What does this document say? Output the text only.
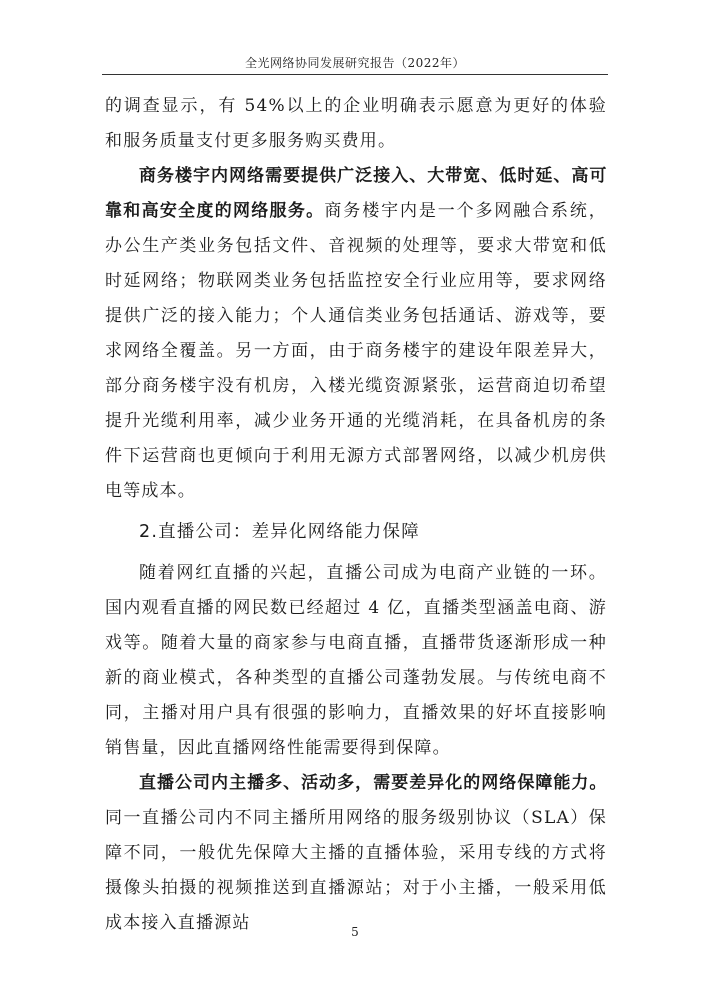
全光网络协同发展研究报告（2022年）

的调查显示，有 54%以上的企业明确表示愿意为更好的体验和服务质量支付更多服务购买费用。

商务楼宇内网络需要提供广泛接入、大带宽、低时延、高可靠和高安全度的网络服务。商务楼宇内是一个多网融合系统，办公生产类业务包括文件、音视频的处理等，要求大带宽和低时延网络；物联网类业务包括监控安全行业应用等，要求网络提供广泛的接入能力；个人通信类业务包括通话、游戏等，要求网络全覆盖。另一方面，由于商务楼宇的建设年限差异大，部分商务楼宇没有机房，入楼光缆资源紧张，运营商迫切希望提升光缆利用率，减少业务开通的光缆消耗，在具备机房的条件下运营商也更倾向于利用无源方式部署网络，以减少机房供电等成本。

2.直播公司：差异化网络能力保障

随着网红直播的兴起，直播公司成为电商产业链的一环。国内观看直播的网民数已经超过 4 亿，直播类型涵盖电商、游戏等。随着大量的商家参与电商直播，直播带货逐渐形成一种新的商业模式，各种类型的直播公司蓬勃发展。与传统电商不同，主播对用户具有很强的影响力，直播效果的好坏直接影响销售量，因此直播网络性能需要得到保障。

直播公司内主播多、活动多，需要差异化的网络保障能力。同一直播公司内不同主播所用网络的服务级别协议（SLA）保障不同，一般优先保障大主播的直播体验，采用专线的方式将摄像头拍摄的视频推送到直播源站；对于小主播，一般采用低成本接入直播源站	5
